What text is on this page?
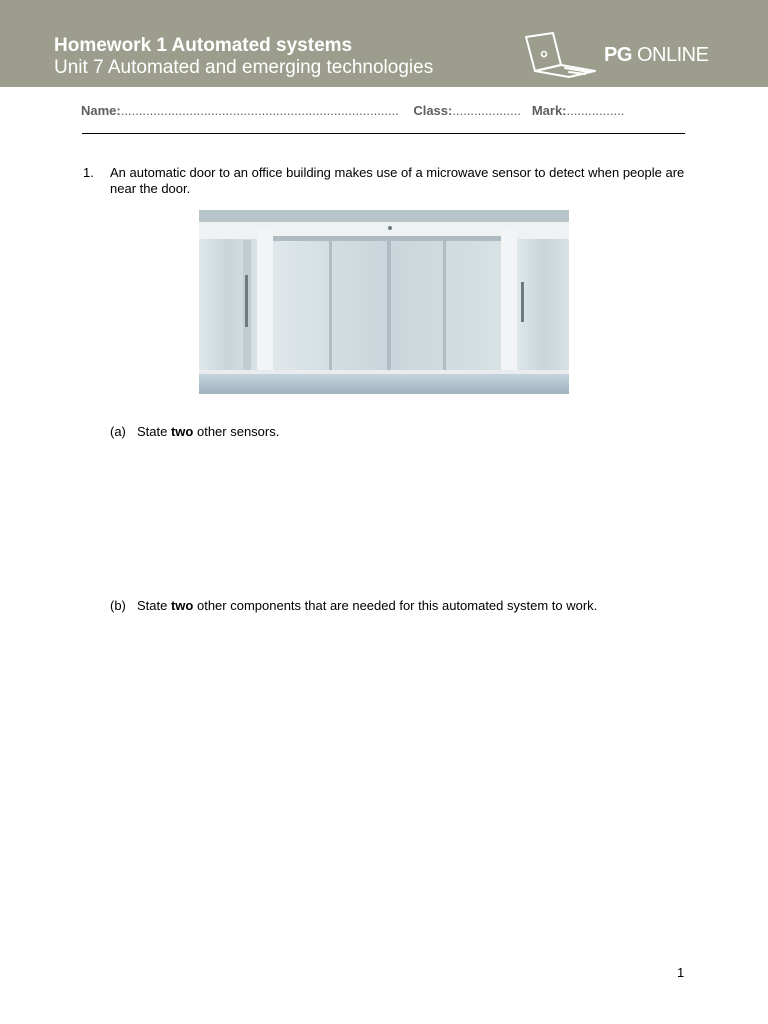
Homework 1 Automated systems
Unit 7 Automated and emerging technologies
PG ONLINE
Name:............................................................................. Class:................... Mark:................
1. An automatic door to an office building makes use of a microwave sensor to detect when people are near the door.
(a) State two other sensors.
(b) State two other components that are needed for this automated system to work.
1
